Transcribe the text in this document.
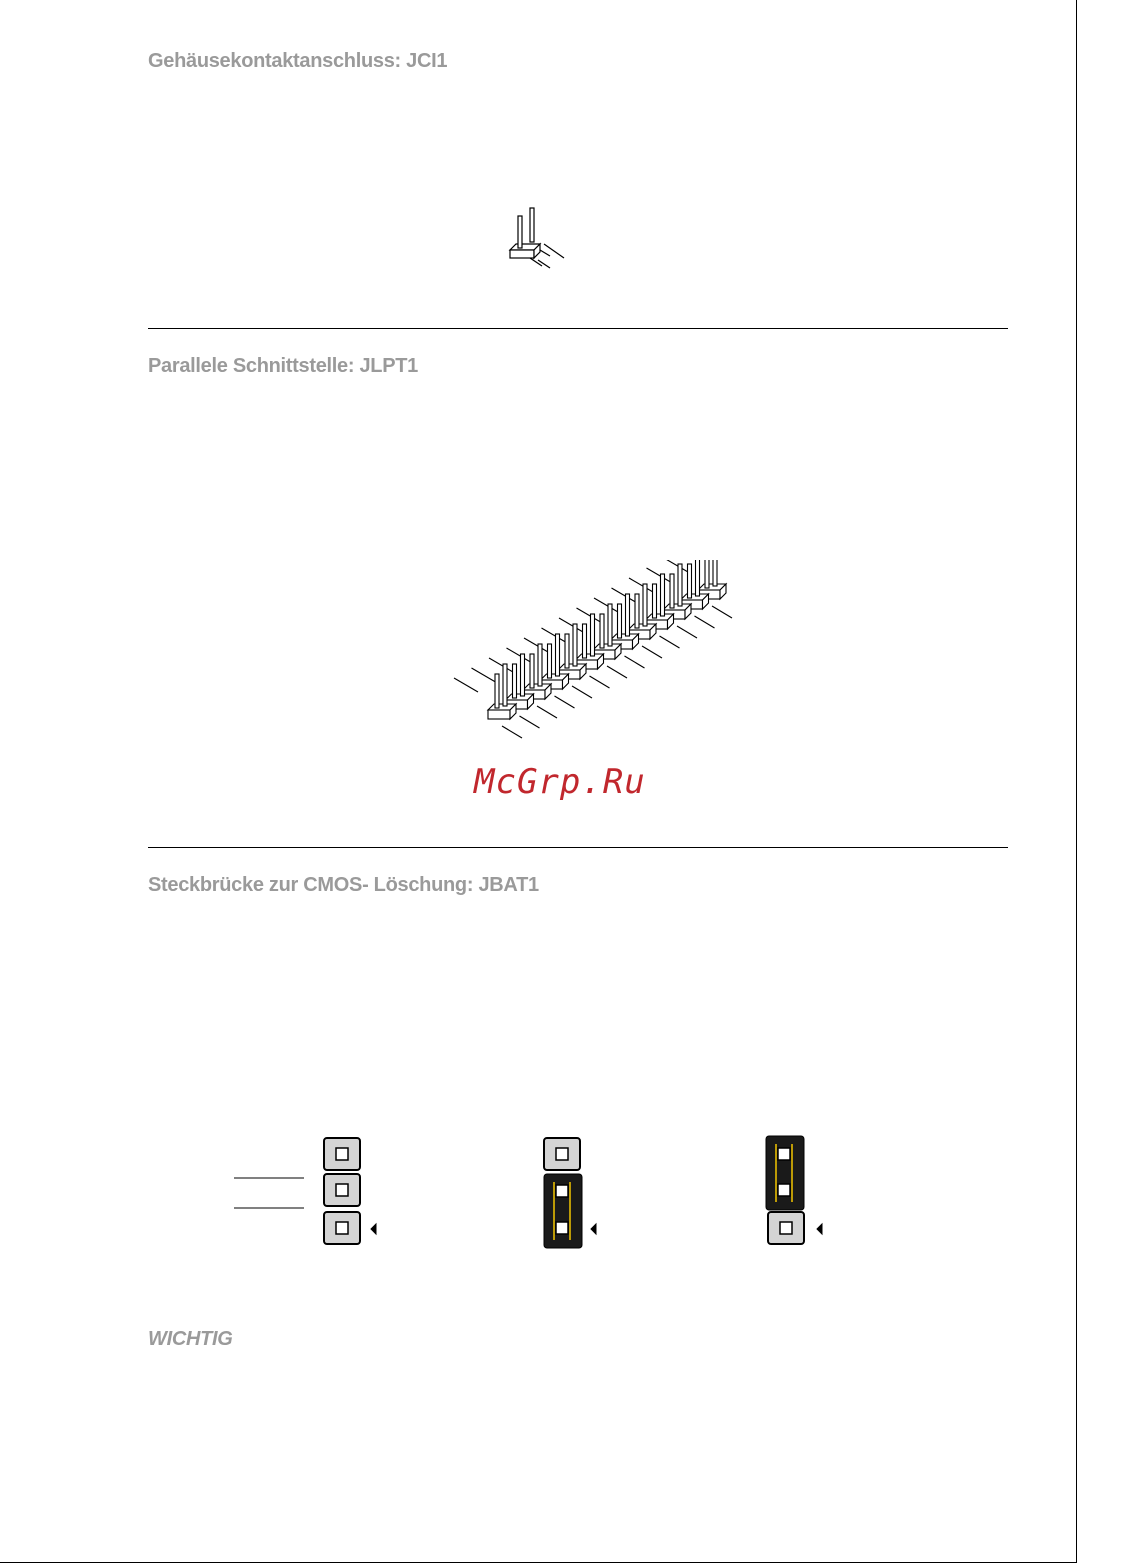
Gehäusekontaktanschluss: JCI1
Parallele Schnittstelle: JLPT1
McGrp.Ru
Steckbrücke zur CMOS- Löschung: JBAT1
WICHTIG
